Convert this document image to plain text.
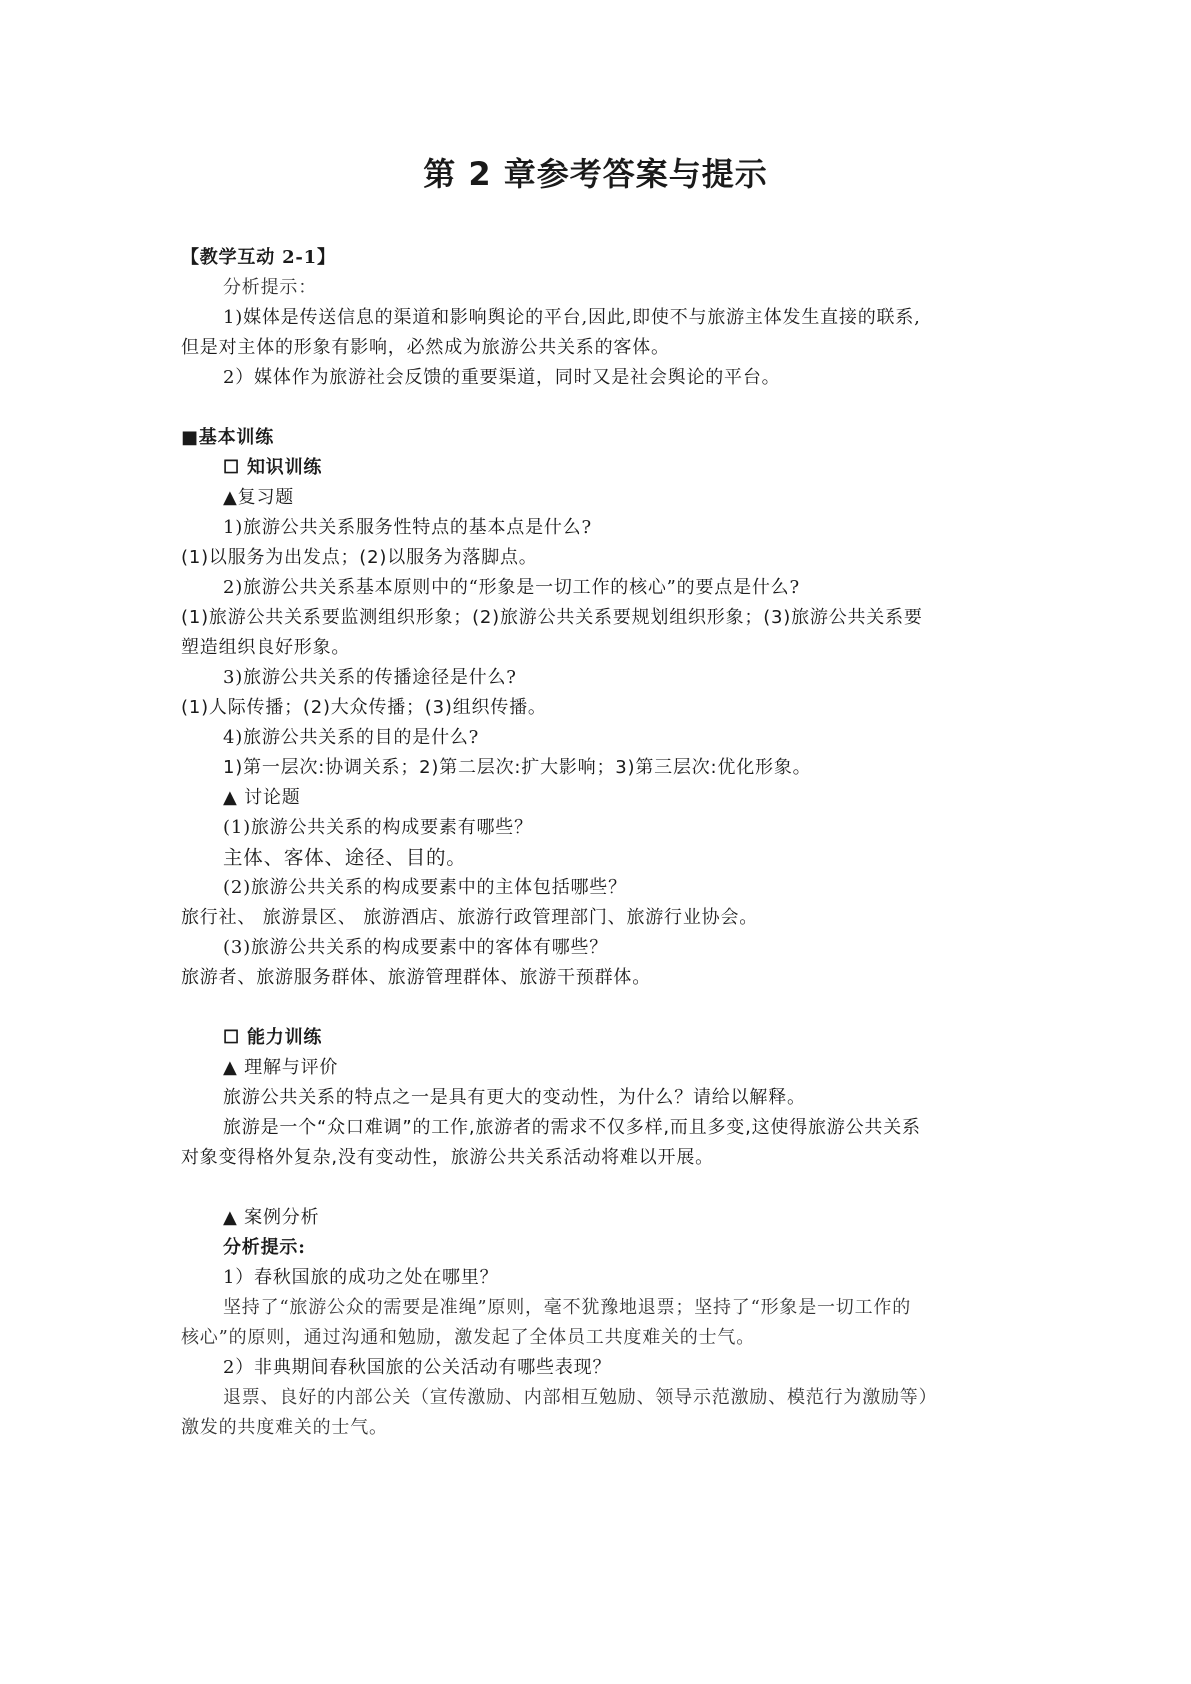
第 2 章参考答案与提示
【教学互动 2-1】
分析提示：
1)媒体是传送信息的渠道和影响舆论的平台,因此,即使不与旅游主体发生直接的联系,
但是对主体的形象有影响，必然成为旅游公共关系的客体。
2）媒体作为旅游社会反馈的重要渠道，同时又是社会舆论的平台。
■基本训练
☐ 知识训练
▲复习题
1)旅游公共关系服务性特点的基本点是什么?
(1)以服务为出发点；(2)以服务为落脚点。
2)旅游公共关系基本原则中的“形象是一切工作的核心”的要点是什么?
(1)旅游公共关系要监测组织形象；(2)旅游公共关系要规划组织形象；(3)旅游公共关系要
塑造组织良好形象。
3)旅游公共关系的传播途径是什么?
(1)人际传播；(2)大众传播；(3)组织传播。
4)旅游公共关系的目的是什么?
1)第一层次:协调关系；2)第二层次:扩大影响；3)第三层次:优化形象。
▲ 讨论题
(1)旅游公共关系的构成要素有哪些？
主体、客体、途径、目的。
(2)旅游公共关系的构成要素中的主体包括哪些？
旅行社、 旅游景区、 旅游酒店、旅游行政管理部门、旅游行业协会。
(3)旅游公共关系的构成要素中的客体有哪些？
旅游者、旅游服务群体、旅游管理群体、旅游干预群体。
☐ 能力训练
▲ 理解与评价
旅游公共关系的特点之一是具有更大的变动性，为什么？请给以解释。
旅游是一个“众口难调”的工作,旅游者的需求不仅多样,而且多变,这使得旅游公共关系
对象变得格外复杂,没有变动性，旅游公共关系活动将难以开展。
▲ 案例分析
分析提示:
1）春秋国旅的成功之处在哪里？
坚持了“旅游公众的需要是准绳”原则，毫不犹豫地退票；坚持了“形象是一切工作的
核心”的原则，通过沟通和勉励，激发起了全体员工共度难关的士气。
2）非典期间春秋国旅的公关活动有哪些表现？
退票、良好的内部公关（宣传激励、内部相互勉励、领导示范激励、模范行为激励等）
激发的共度难关的士气。
